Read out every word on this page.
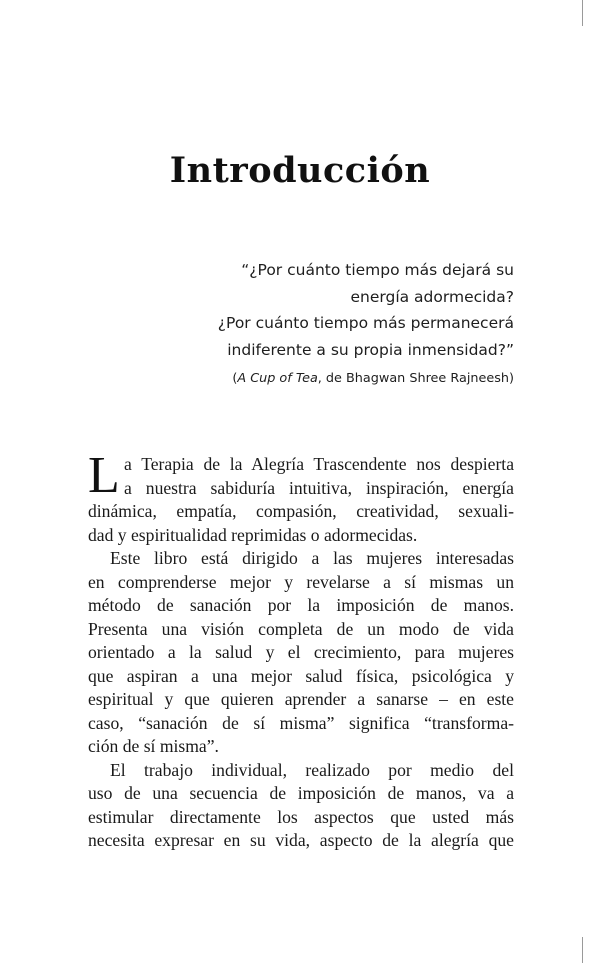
Introducción
“¿Por cuánto tiempo más dejará su
energía adormecida?
¿Por cuánto tiempo más permanecerá
indiferente a su propia inmensidad?”
(A Cup of Tea, de Bhagwan Shree Rajneesh)
L a Terapia de la Alegría Trascendente nos despierta
a nuestra sabiduría intuitiva, inspiración, energía
dinámica, empatía, compasión, creatividad, sexuali-
dad y espiritualidad reprimidas o adormecidas.
Este libro está dirigido a las mujeres interesadas
en comprenderse mejor y revelarse a sí mismas un
método de sanación por la imposición de manos.
Presenta una visión completa de un modo de vida
orientado a la salud y el crecimiento, para mujeres
que aspiran a una mejor salud física, psicológica y
espiritual y que quieren aprender a sanarse – en este
caso, “sanación de sí misma” significa “transforma-
ción de sí misma”.
El trabajo individual, realizado por medio del
uso de una secuencia de imposición de manos, va a
estimular directamente los aspectos que usted más
necesita expresar en su vida, aspecto de la alegría que
